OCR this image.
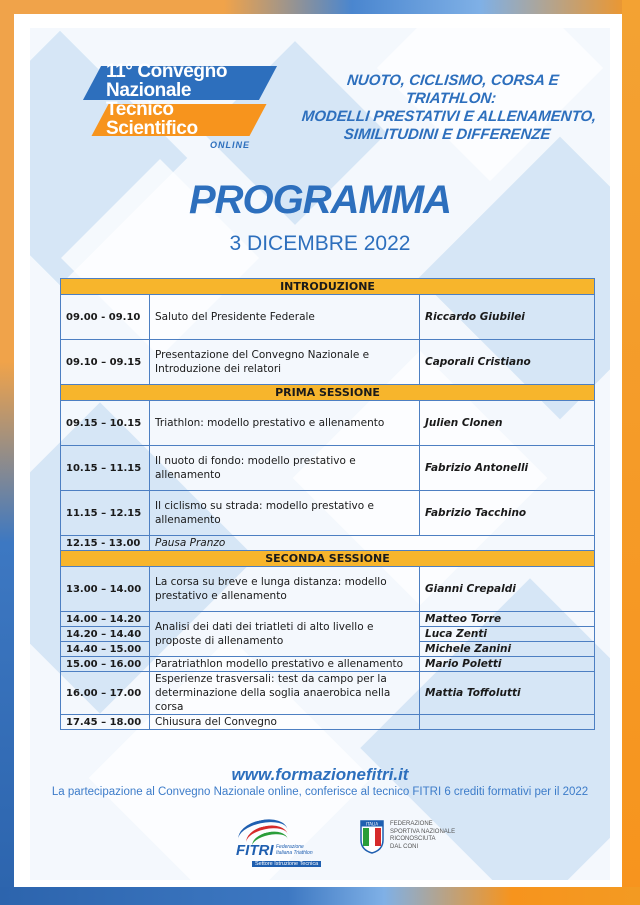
11° Convegno
Nazionale
Tecnico
Scientifico
ONLINE
NUOTO, CICLISMO, CORSA E TRIATHLON:
MODELLI PRESTATIVI E ALLENAMENTO,
SIMILITUDINI E DIFFERENZE
PROGRAMMA
3 DICEMBRE 2022
INTRODUZIONE		
09.00 - 09.10	Saluto del Presidente Federale	Riccardo Giubilei
09.10 – 09.15	Presentazione del Convegno Nazionale e Introduzione dei relatori	Caporali Cristiano
PRIMA SESSIONE		
09.15 – 10.15	Triathlon: modello prestativo e allenamento	Julien Clonen
10.15 – 11.15	Il nuoto di fondo: modello prestativo e allenamento	Fabrizio Antonelli
11.15 – 12.15	Il ciclismo su strada: modello prestativo e allenamento	Fabrizio Tacchino
12.15 - 13.00	Pausa Pranzo	
SECONDA SESSIONE		
13.00 – 14.00	La corsa su breve e lunga distanza: modello prestativo e allenamento	Gianni Crepaldi
14.00 – 14.20	Analisi dei dati dei triatleti di alto livello e proposte di allenamento	Matteo Torre
14.20 – 14.40		Luca Zenti
14.40 – 15.00		Michele Zanini
15.00 – 16.00	Paratriathlon modello prestativo e allenamento	Mario Poletti
16.00 – 17.00	Esperienze trasversali: test da campo per la determinazione della soglia anaerobica nella corsa	Mattia Toffolutti
17.45 – 18.00	Chiusura del Convegno	
www.formazionefitri.it
La partecipazione al Convegno Nazionale online, conferisce al tecnico FITRI 6 crediti formativi per il 2022
FITRI Federazione
Italiana Triathlon
Settore Istruzione Tecnica
ITALIA FEDERAZIONE
SPORTIVA NAZIONALE
RICONOSCIUTA
DAL CONI
